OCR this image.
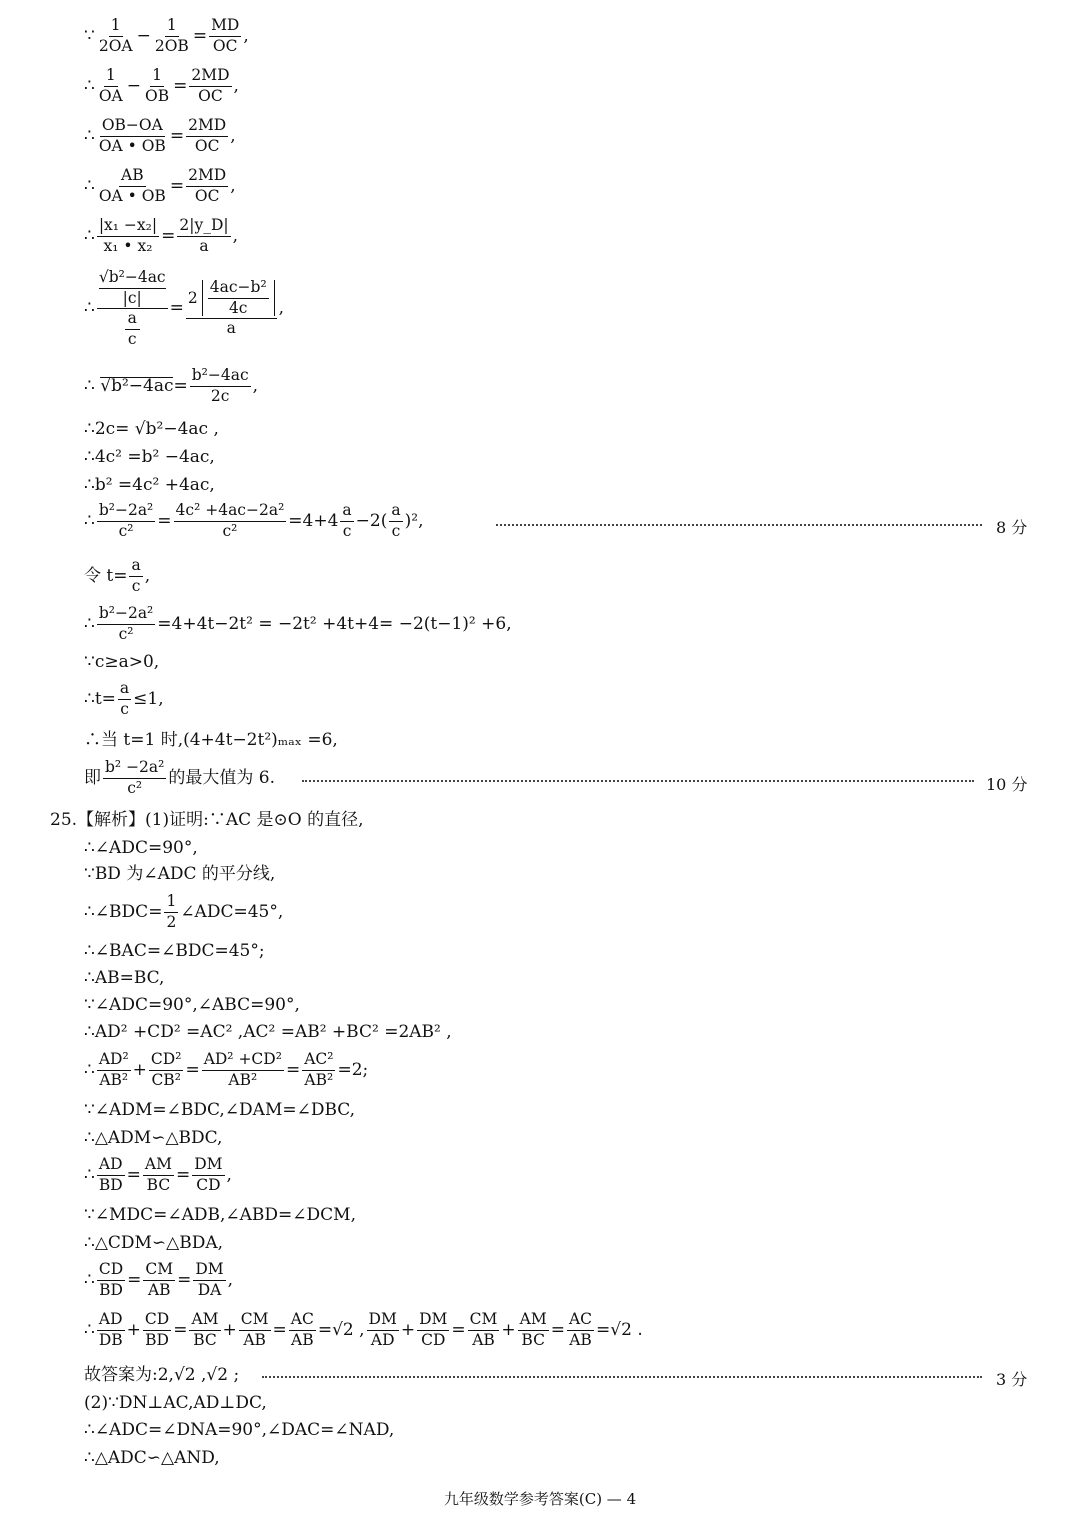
∵ $\frac{1}{2OA} - \frac{1}{2OB} = \frac{MD}{OC}$ ,
∴ $\frac{1}{OA} - \frac{1}{OB} = \frac{2MD}{OC}$ ,
∴ $\frac{OB-OA}{OA • OB} = \frac{2MD}{OC}$ ,
∴ $\frac{AB}{OA • OB} = \frac{2MD}{OC}$ ,
∴ $\frac{\text{|x₁ −x₂|}}{\text{x₁ • x₂}} = \frac{2|y\_D|}{a}$ ,
∴ √b²−4ac
|c|
a
$c = \frac{2 \frac{\text{4ac−b²}}{4c}}{a}$ ,
∴
$√b^2-4ac = \frac{\text{b²−4ac}}{2c}$ ,
∴2c= √b²−4ac ,
∴4c² =b² −4ac,
∴b² =4c² +4ac,
∴ $\frac{\text{b²−2a²}}{\text{c²}} = \frac{\text{4c² +4ac−2a²}}{\text{c²}} =4+4 \frac{a}{c} -2( \frac{a}{c} )^2$,	8 分
令 $t= \frac{a}{c}$ ,
∴ $\frac{\text{b²−2a²}}{\text{c²}} =4+4t-2t^2 = -2t^2 +4t+4= -2(t-1)^2 +6$,
∵c≥a>0,
∴t= $\frac{a}{c} \le 1$,
∴当 t=1 时,(4+4t−2t²)ₘₐₓ =6,
即 $\frac{\text{b² −2a²}}{\text{c²}}$ 的最大值为 6.	10 分
25. 【解析】(1)证明:∵AC 是⊙O 的直径,
∴∠ADC=90°,
∵BD 为∠ADC 的平分线,
∴∠BDC= $\frac{1}{2}$ ∠ADC=45°,
∴∠BAC=∠BDC=45°;
∴AB=BC,
∵∠ADC=90°,∠ABC=90°,
∴AD² +CD² =AC² ,AC² =AB² +BC² =2AB² ,
∴ $\frac{\text{AD²}}{\text{AB²}} + \frac{\text{CD²}}{\text{CB²}} = \frac{\text{AD² +CD²}}{\text{AB²}} = \frac{\text{AC²}}{\text{AB²}} =2$;
∵∠ADM=∠BDC,∠DAM=∠DBC,
∴△ADM∽△BDC,
∴ $\frac{AD}{BD} = \frac{AM}{BC} = \frac{DM}{CD}$ ,
∵∠MDC=∠ADB,∠ABD=∠DCM,
∴△CDM∽△BDA,
∴ $\frac{CD}{BD} = \frac{CM}{AB} = \frac{DM}{DA}$ ,
∴ $\frac{AD}{DB} + \frac{CD}{BD} = \frac{AM}{BC} + \frac{CM}{AB} = \frac{AC}{AB} =√2$ , $\frac{DM}{AD} + \frac{DM}{CD} = \frac{CM}{AB} + \frac{AM}{BC} = \frac{AC}{AB} =√2$ .
故答案为:2,√2 ,√2 ;	3 分
(2)∵DN⊥AC,AD⊥DC,
∴∠ADC=∠DNA=90°,∠DAC=∠NAD,
∴△ADC∽△AND,
九年级数学参考答案(C) — 4
